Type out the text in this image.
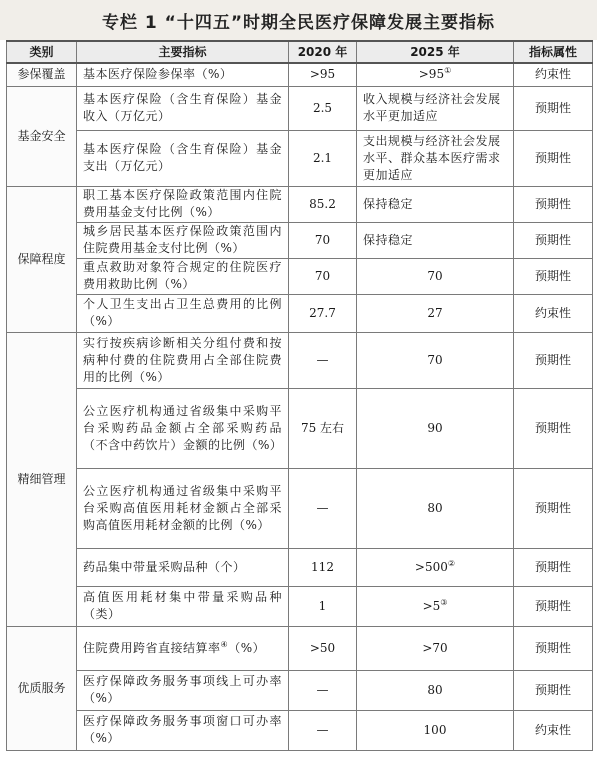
专栏 1 “十四五”时期全民医疗保障发展主要指标
类别	主要指标	2020 年	2025 年	指标属性
参保覆盖	基本医疗保险参保率（%）	>95	>95①	约束性
基金安全	基本医疗保险（含生育保险）基金收入（万亿元）	2.5	收入规模与经济社会发展水平更加适应	预期性
	基本医疗保险（含生育保险）基金支出（万亿元）	2.1	支出规模与经济社会发展水平、群众基本医疗需求更加适应	预期性
保障程度	职工基本医疗保险政策范围内住院费用基金支付比例（%）	85.2	保持稳定	预期性
	城乡居民基本医疗保险政策范围内住院费用基金支付比例（%）	70	保持稳定	预期性
	重点救助对象符合规定的住院医疗费用救助比例（%）	70	70	预期性
	个人卫生支出占卫生总费用的比例（%）	27.7	27	约束性
精细管理	实行按疾病诊断相关分组付费和按病种付费的住院费用占全部住院费用的比例（%）	—	70	预期性
	公立医疗机构通过省级集中采购平台采购药品金额占全部采购药品（不含中药饮片）金额的比例（%）	75 左右	90	预期性
	公立医疗机构通过省级集中采购平台采购高值医用耗材金额占全部采购高值医用耗材金额的比例（%）	—	80	预期性
	药品集中带量采购品种（个）	112	>500②	预期性
	高值医用耗材集中带量采购品种（类）	1	>5③	预期性
优质服务	住院费用跨省直接结算率④（%）	>50	>70	预期性
	医疗保障政务服务事项线上可办率（%）	—	80	预期性
	医疗保障政务服务事项窗口可办率（%）	—	100	约束性
